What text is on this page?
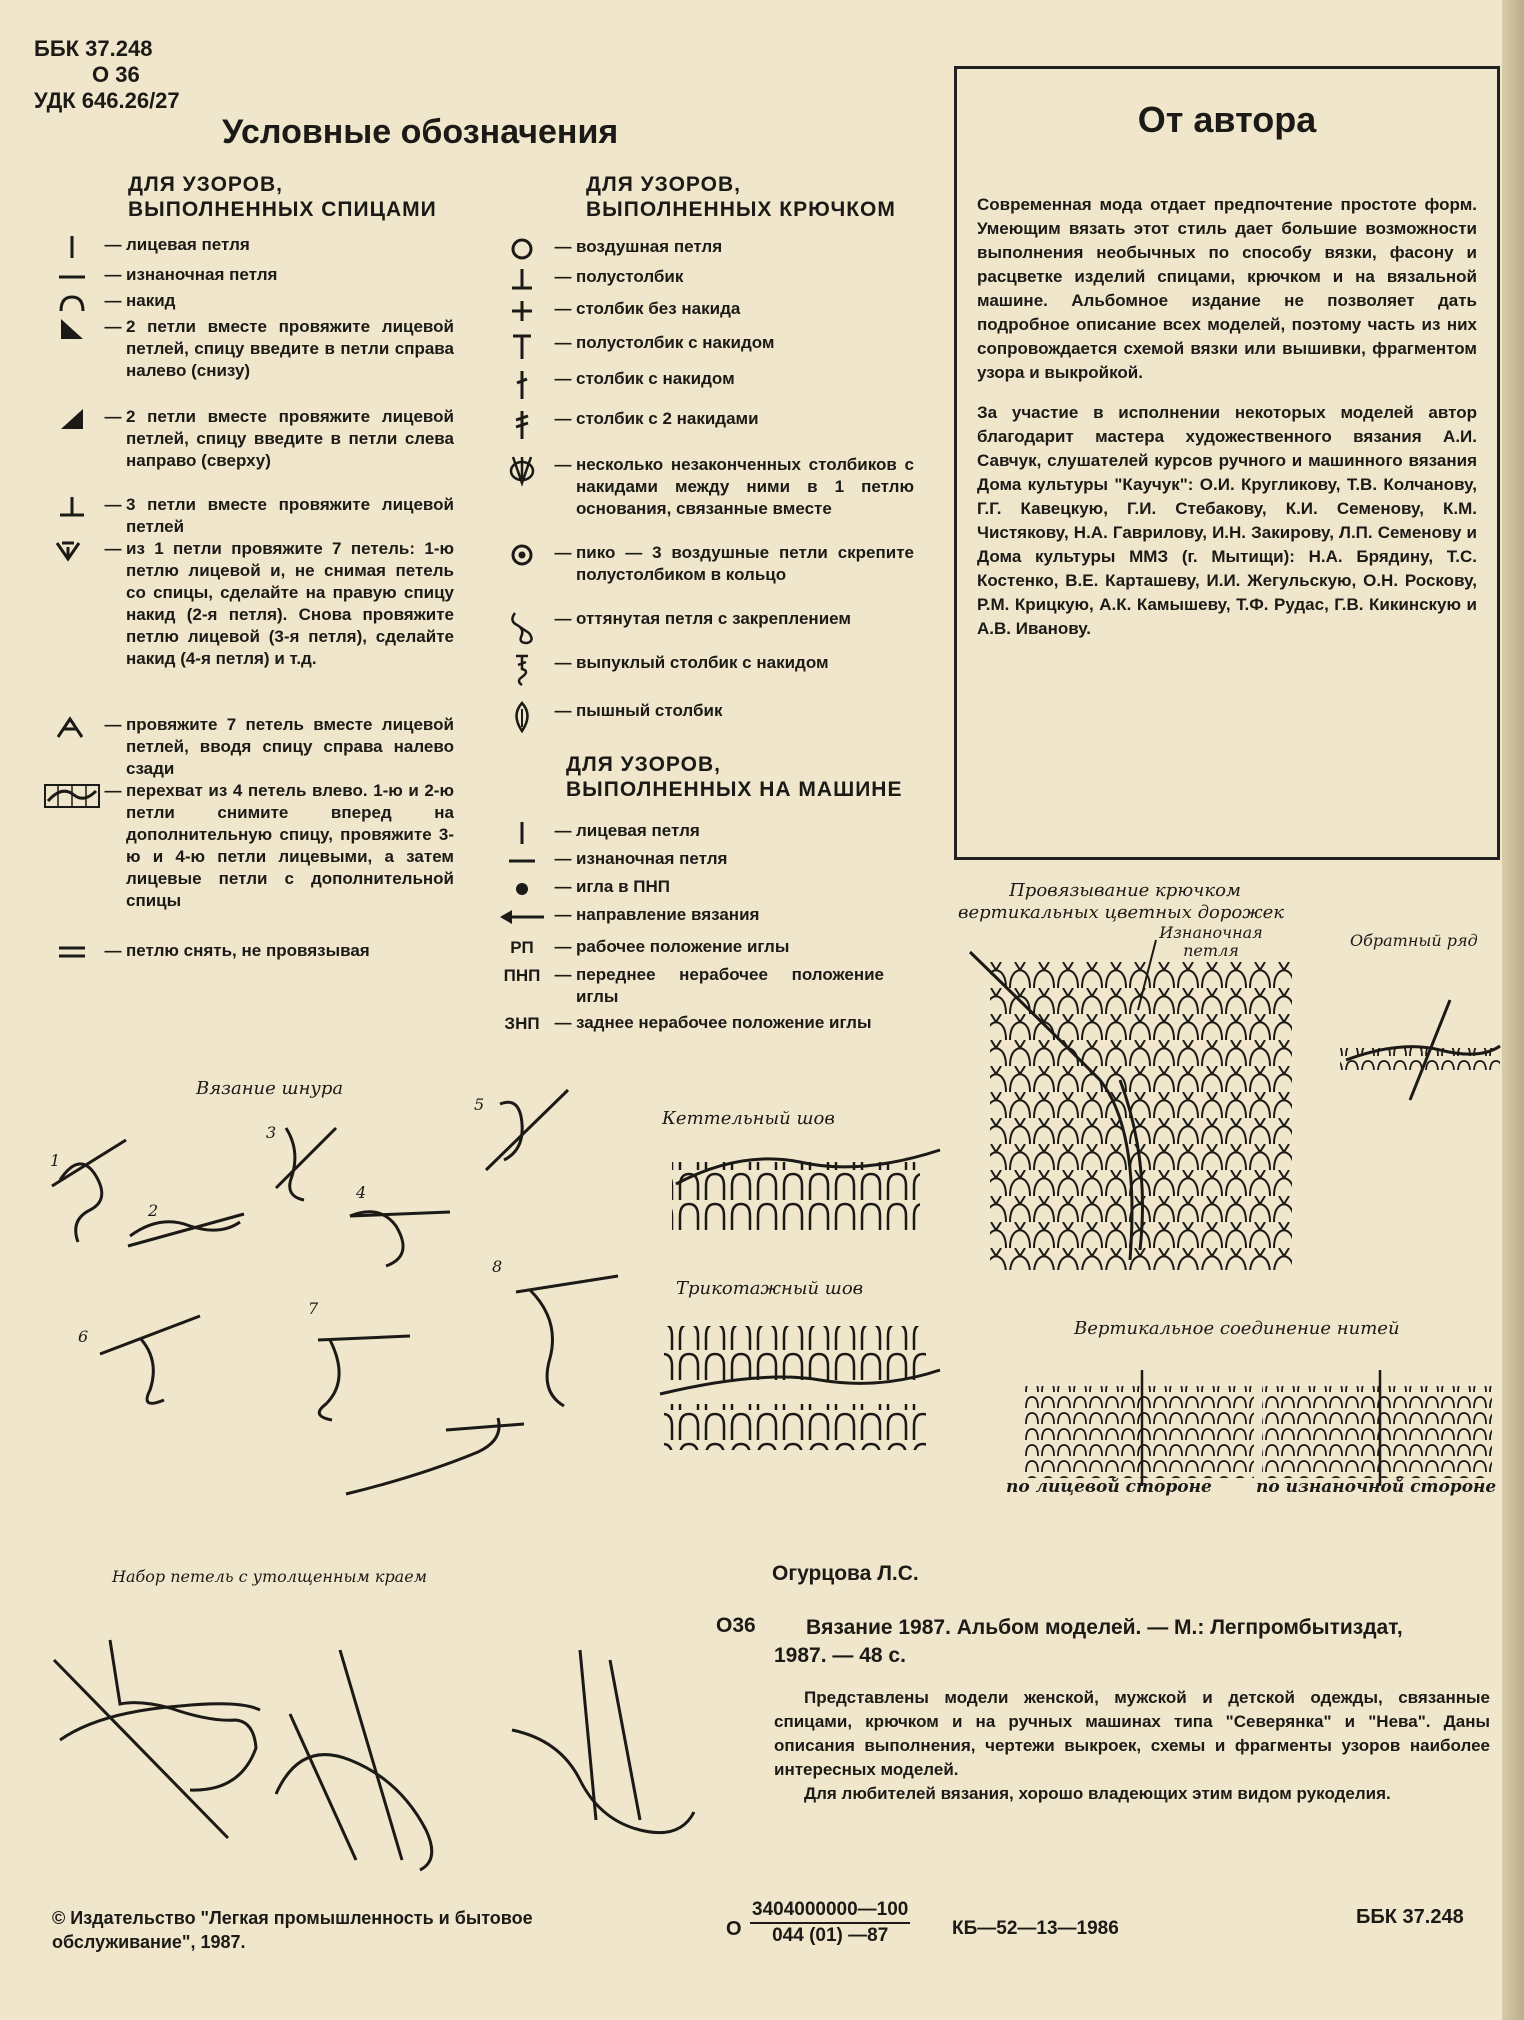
ББК 37.248
О 36
УДК 646.26/27
Условные обозначения
ДЛЯ УЗОРОВ,
ВЫПОЛНЕННЫХ СПИЦАМИ
— лицевая петля
— изнаночная петля
— накид
— 2 петли вместе провяжите лицевой петлей, спицу введите в петли справа налево (снизу)
— 2 петли вместе провяжите лицевой петлей, спицу введите в петли слева направо (сверху)
— 3 петли вместе провяжите лицевой петлей
— из 1 петли провяжите 7 петель: 1-ю петлю лицевой и, не снимая петель со спицы, сделайте на правую спицу накид (2-я петля). Снова провяжите петлю лицевой (3-я петля), сделайте накид (4-я петля) и т.д.
— провяжите 7 петель вместе лицевой петлей, вводя спицу справа налево сзади
— перехват из 4 петель влево. 1-ю и 2-ю петли снимите вперед на дополнительную спицу, провяжите 3-ю и 4-ю петли лицевыми, а затем лицевые петли с дополнительной спицы
— петлю снять, не провязывая
ДЛЯ УЗОРОВ,
ВЫПОЛНЕННЫХ КРЮЧКОМ
— воздушная петля
— полустолбик
— столбик без накида
— полустолбик с накидом
— столбик с накидом
— столбик с 2 накидами
— несколько незаконченных столбиков с накидами между ними в 1 петлю основания, связанные вместе
— пико — 3 воздушные петли скрепите полустолбиком в кольцо
— оттянутая петля с закреплением
— выпуклый столбик с накидом
— пышный столбик
ДЛЯ УЗОРОВ,
ВЫПОЛНЕННЫХ НА МАШИНЕ
— лицевая петля
— изнаночная петля
— игла в ПНП
— направление вязания
РП	— рабочее положение иглы
ПНП — переднее нерабочее положение иглы
ЗНП — заднее нерабочее положение иглы
От автора
Современная мода отдает предпочтение простоте форм. Умеющим вязать этот стиль дает большие возможности выполнения необычных по способу вязки, фасону и расцветке изделий спицами, крючком и на вязальной машине. Альбомное издание не позволяет дать подробное описание всех моделей, поэтому часть из них сопровождается схемой вязки или вышивки, фрагментом узора и выкройкой.
За участие в исполнении некоторых моделей автор благодарит мастера художественного вязания А.И. Савчук, слушателей курсов ручного и машинного вязания Дома культуры "Каучук": О.И. Кругликову, Т.В. Колчанову, Г.Г. Кавецкую, Г.И. Стебакову, К.И. Семенову, К.М. Чистякову, Н.А. Гаврилову, И.Н. Закирову, Л.П. Семенову и Дома культуры ММЗ (г. Мытищи): Н.А. Брядину, Т.С. Костенко, В.Е. Карташеву, И.И. Жегульскую, О.Н. Роскову, Р.М. Крицкую, А.К. Камышеву, Т.Ф. Рудас, Г.В. Кикинскую и А.В. Иванову.
Вязание шнура
1
2
3
4
5
6
7
8
Кеттельный шов
Трикотажный шов
Провязывание крючком
вертикальных цветных дорожек
Изнаночная
петля
Обратный ряд
Вертикальное соединение нитей
по лицевой стороне	по изнаночной стороне
Набор петель с утолщенным краем	Огурцова Л.С.
О36 Вязание 1987. Альбом моделей. — М.: Легпромбытиздат,
1987. — 48 с.
Представлены модели женской, мужской и детской одежды, связанные спицами, крючком и на ручных машинах типа "Северянка" и "Нева". Даны описания выполнения, чертежи выкроек, схемы и фрагменты узоров наиболее интересных моделей.
Для любителей вязания, хорошо владеющих этим видом рукоделия.
© Издательство "Легкая промышленность и бытовое
обслуживание", 1987.
О $\frac{3404000000—100}{044 (01) —87}$ КБ—52—13—1986
ББК 37.248
